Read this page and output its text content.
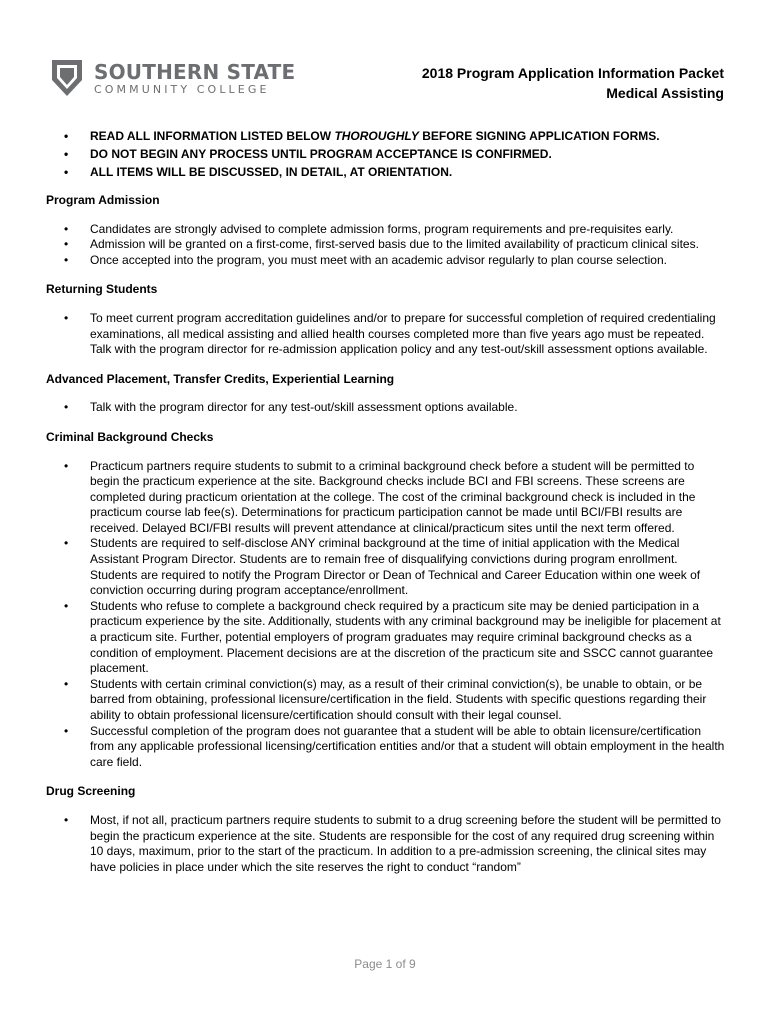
SOUTHERN STATE
COMMUNITY COLLEGE
2018 Program Application Information Packet
Medical Assisting
• READ ALL INFORMATION LISTED BELOW THOROUGHLY BEFORE SIGNING APPLICATION FORMS.
• DO NOT BEGIN ANY PROCESS UNTIL PROGRAM ACCEPTANCE IS CONFIRMED.
• ALL ITEMS WILL BE DISCUSSED, IN DETAIL, AT ORIENTATION.
Program Admission
• Candidates are strongly advised to complete admission forms, program requirements and pre-requisites early.
• Admission will be granted on a first-come, first-served basis due to the limited availability of practicum clinical sites.
• Once accepted into the program, you must meet with an academic advisor regularly to plan course selection.
Returning Students
• To meet current program accreditation guidelines and/or to prepare for successful completion of required credentialing examinations, all medical assisting and allied health courses completed more than five years ago must be repeated. Talk with the program director for re-admission application policy and any test-out/skill assessment options available.
Advanced Placement, Transfer Credits, Experiential Learning
• Talk with the program director for any test-out/skill assessment options available.
Criminal Background Checks
• Practicum partners require students to submit to a criminal background check before a student will be permitted to begin the practicum experience at the site. Background checks include BCI and FBI screens. These screens are completed during practicum orientation at the college. The cost of the criminal background check is included in the practicum course lab fee(s). Determinations for practicum participation cannot be made until BCI/FBI results are received. Delayed BCI/FBI results will prevent attendance at clinical/practicum sites until the next term offered.
• Students are required to self-disclose ANY criminal background at the time of initial application with the Medical Assistant Program Director. Students are to remain free of disqualifying convictions during program enrollment. Students are required to notify the Program Director or Dean of Technical and Career Education within one week of conviction occurring during program acceptance/enrollment.
• Students who refuse to complete a background check required by a practicum site may be denied participation in a practicum experience by the site. Additionally, students with any criminal background may be ineligible for placement at a practicum site. Further, potential employers of program graduates may require criminal background checks as a condition of employment. Placement decisions are at the discretion of the practicum site and SSCC cannot guarantee placement.
• Students with certain criminal conviction(s) may, as a result of their criminal conviction(s), be unable to obtain, or be barred from obtaining, professional licensure/certification in the field. Students with specific questions regarding their ability to obtain professional licensure/certification should consult with their legal counsel.
• Successful completion of the program does not guarantee that a student will be able to obtain licensure/certification from any applicable professional licensing/certification entities and/or that a student will obtain employment in the health care field.
Drug Screening
• Most, if not all, practicum partners require students to submit to a drug screening before the student will be permitted to begin the practicum experience at the site. Students are responsible for the cost of any required drug screening within 10 days, maximum, prior to the start of the practicum. In addition to a pre-admission screening, the clinical sites may have policies in place under which the site reserves the right to conduct “random”
Page 1 of 9
